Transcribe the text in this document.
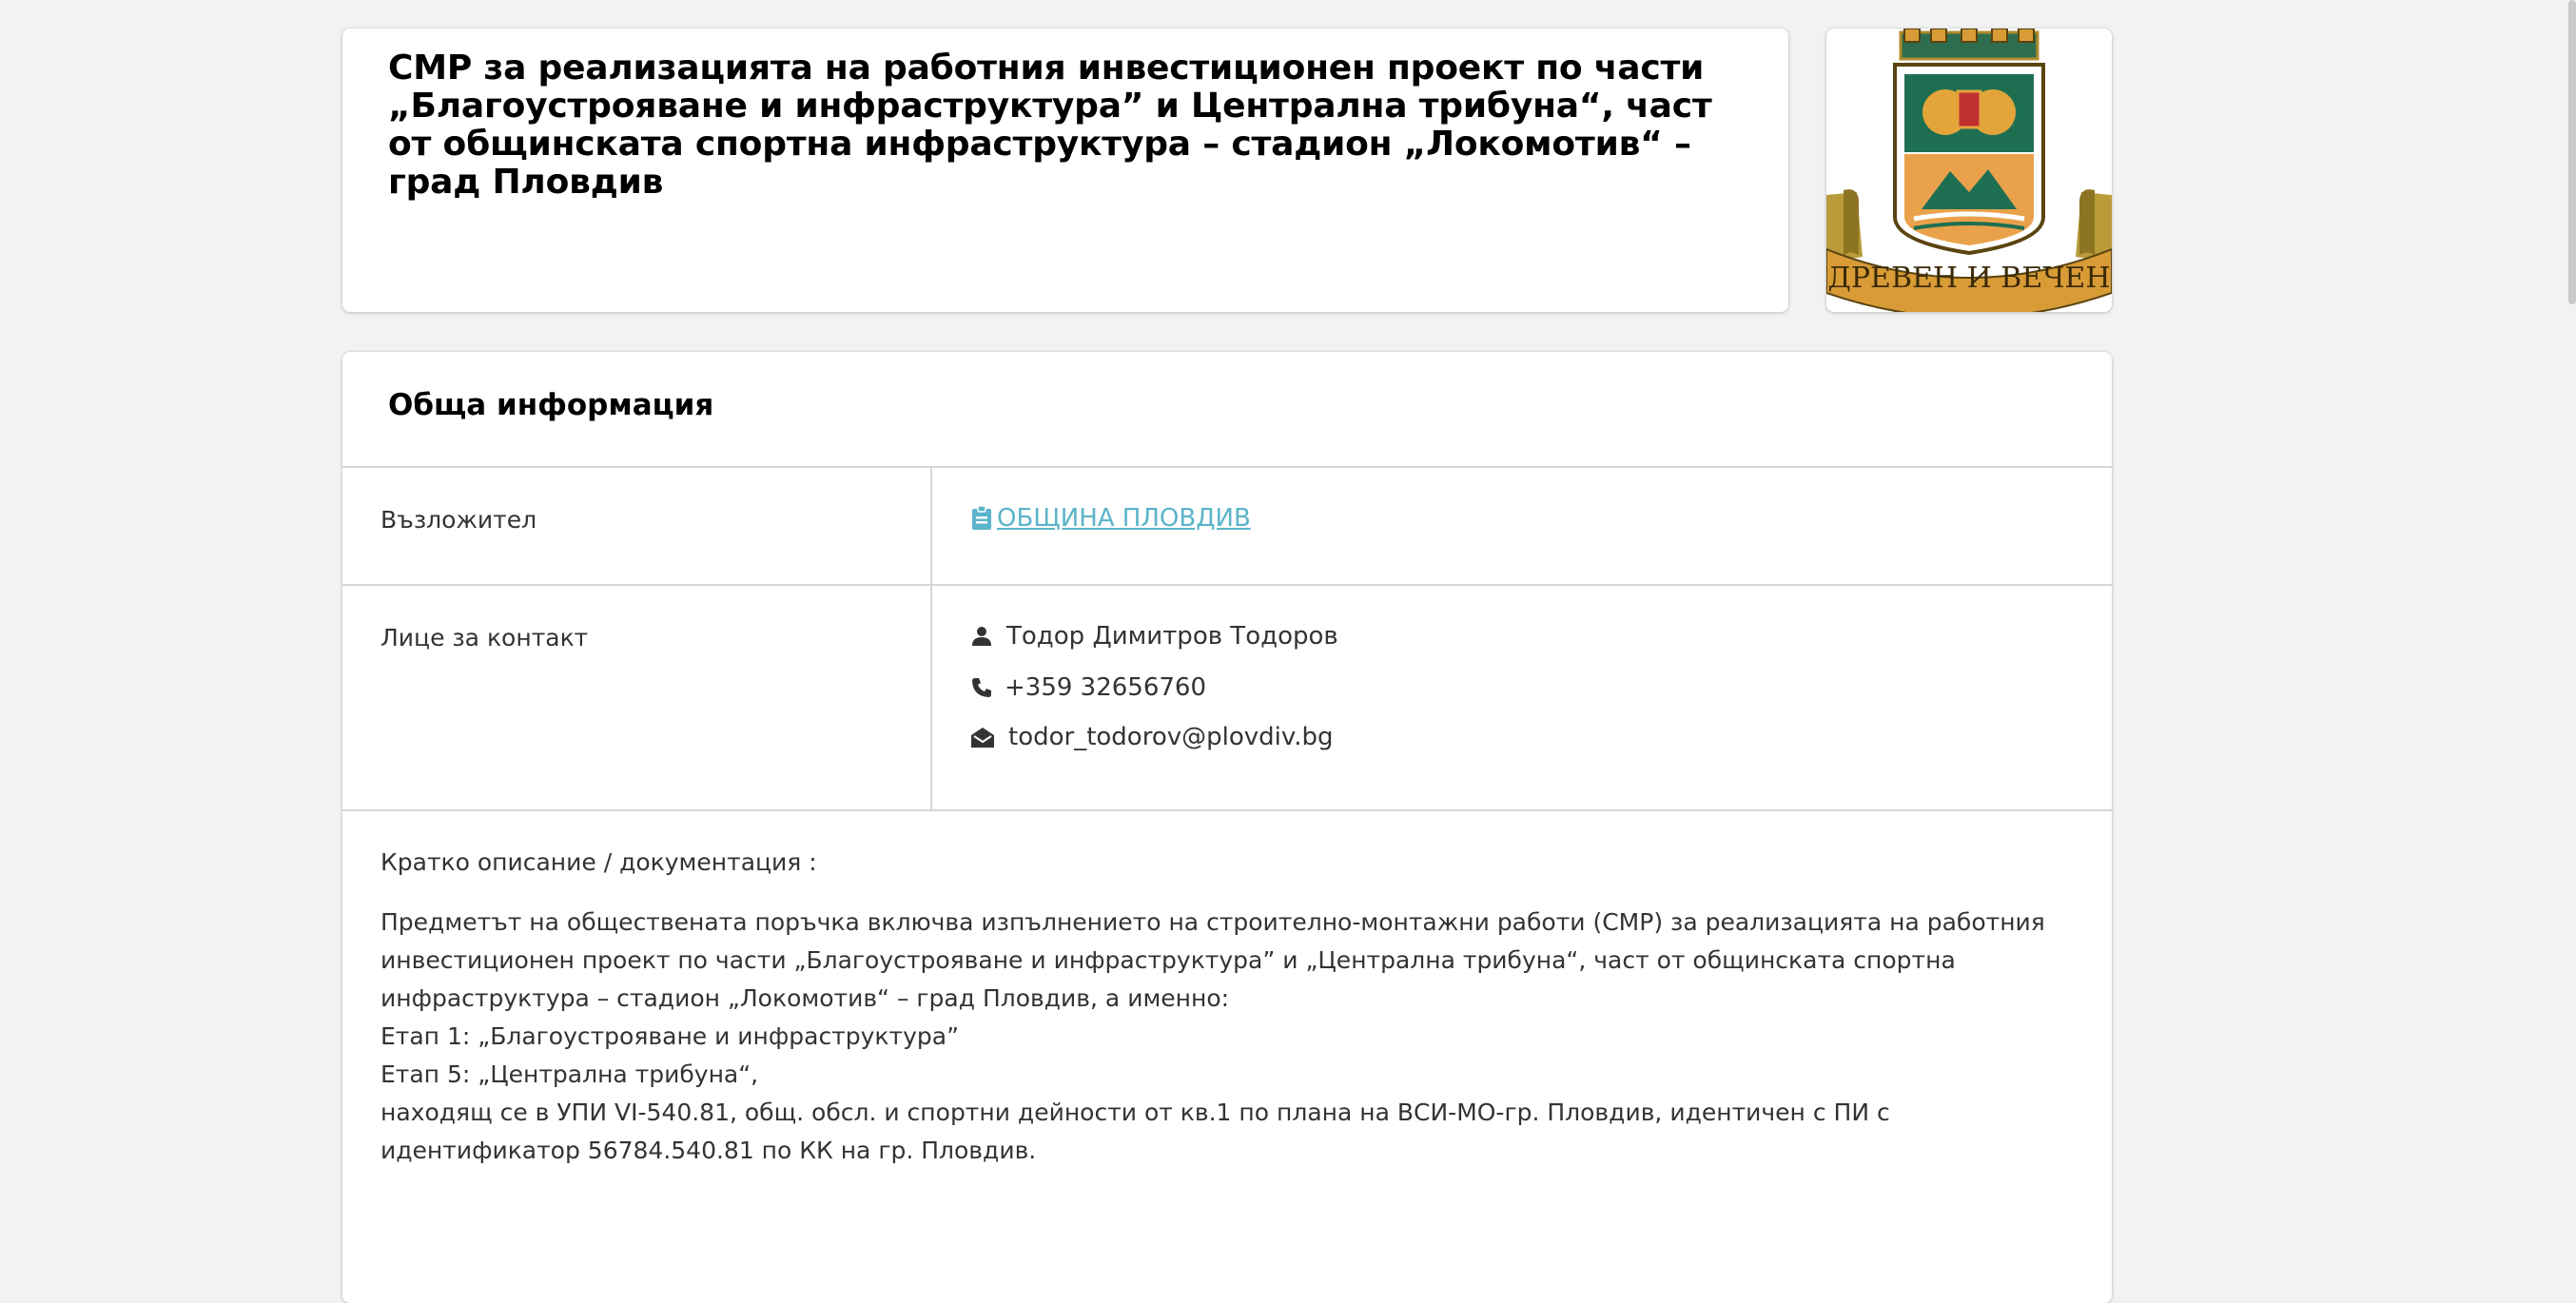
СМР за реализацията на работния инвестиционен проект по части „Благоустрояване и инфраструктура” и Централна трибуна“, част от общинската спортна инфраструктура – стадион „Локомотив“ – град Пловдив
ДРЕВЕН И ВЕЧЕН
Обща информация
Възложител	ОБЩИНА ПЛОВДИВ
Лице за контакт	Тодор Димитров Тодоров
+359 32656760
todor_todorov@plovdiv.bg
Кратко описание / документация :
Предметът на обществената поръчка включва изпълнението на строително-монтажни работи (СМР) за реализацията на работния
инвестиционен проект по части „Благоустрояване и инфраструктура” и „Централна трибуна“, част от общинската спортна
инфраструктура – стадион „Локомотив“ – град Пловдив, а именно:
Етап 1: „Благоустрояване и инфраструктура”
Етап 5: „Централна трибуна“,
находящ се в УПИ VI-540.81, общ. обсл. и спортни дейности от кв.1 по плана на ВСИ-МО-гр. Пловдив, идентичен с ПИ с
идентификатор 56784.540.81 по КК на гр. Пловдив.
